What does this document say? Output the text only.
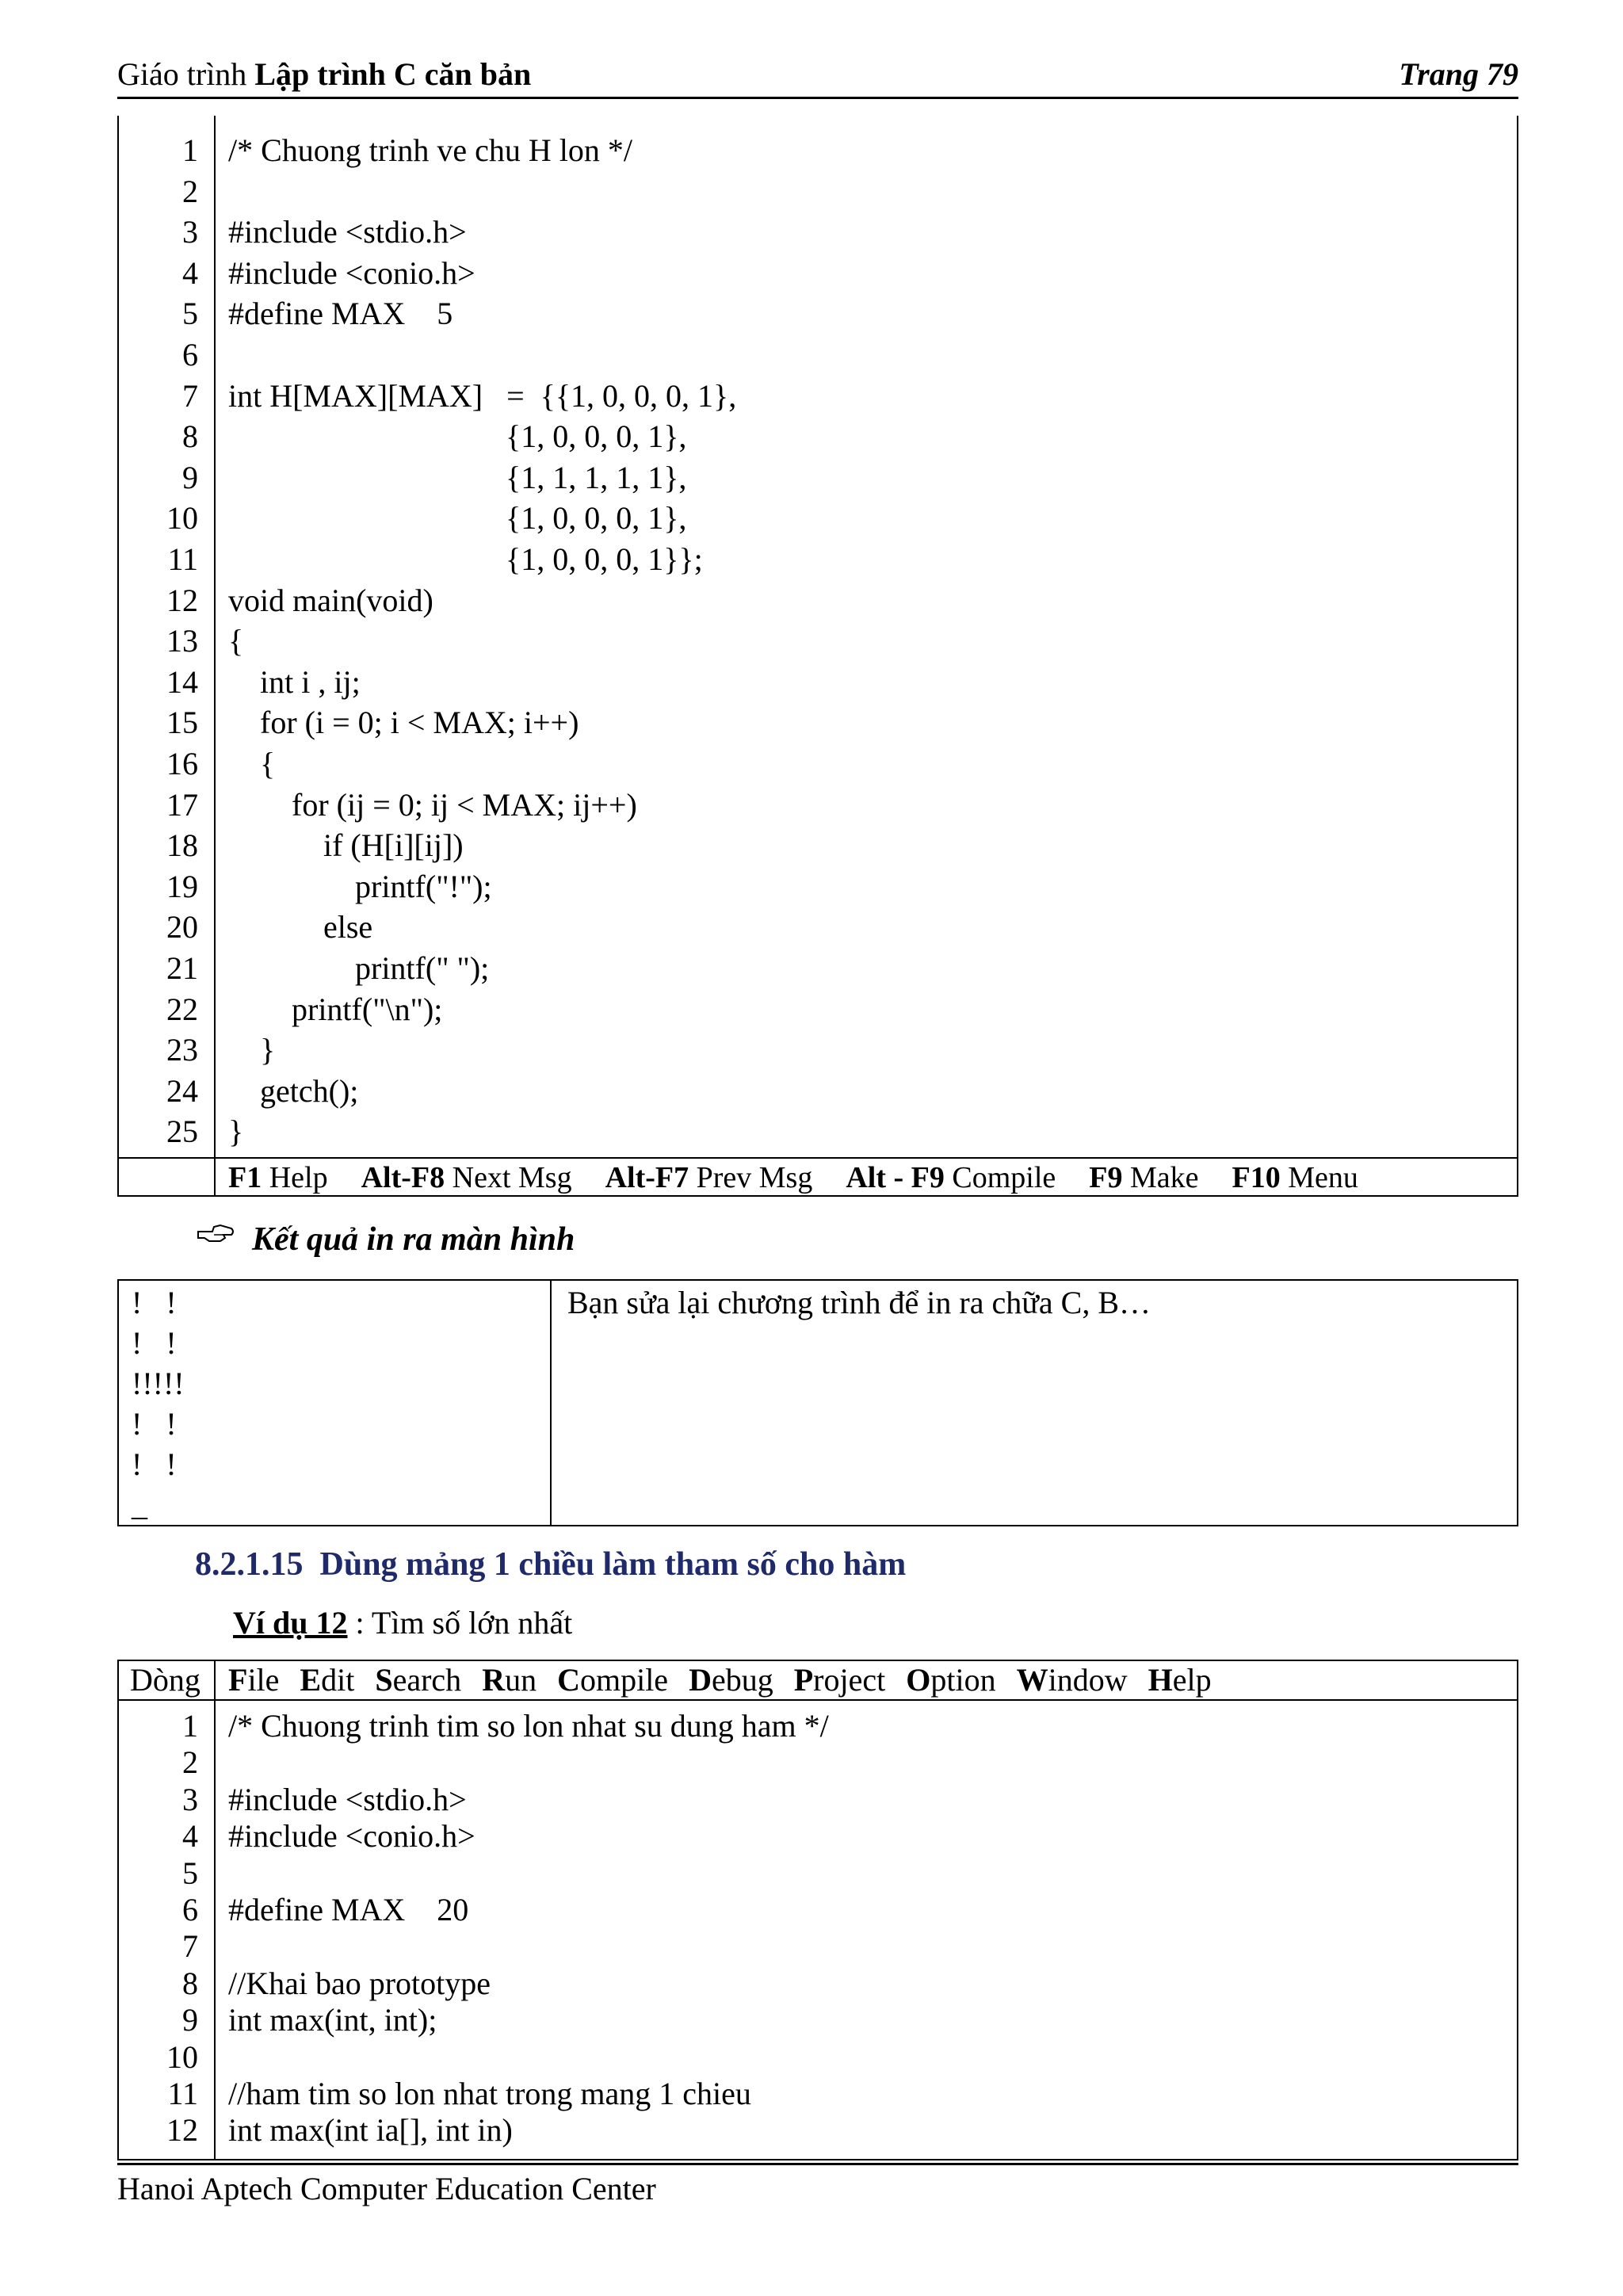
Giáo trình Lập trình C căn bản	Trang 79
1 /* Chuong trinh ve chu H lon */
2
3 #include <stdio.h>
4 #include <conio.h>
5 #define MAX    5
6
7 int H[MAX][MAX]   =  {{1, 0, 0, 0, 1},
8 {1, 0, 0, 0, 1},
9 {1, 1, 1, 1, 1},
10 {1, 0, 0, 0, 1},
11 {1, 0, 0, 0, 1}};
12 void main(void)
13 {
14 int i , ij;
15 for (i = 0; i < MAX; i++)
16 {
17 for (ij = 0; ij < MAX; ij++)
18 if (H[i][ij])
19 printf("!");
20 else
21 printf(" ");
22 printf("\n");
23 }
24 getch();
25 }
F1 Help Alt-F8 Next Msg Alt-F7 Prev Msg Alt - F9 Compile F9 Make F10 Menu
Kết quả in ra màn hình
!   !
!   !
!!!!!
!   !
!   !
_
Bạn sửa lại chương trình để in ra chữa C, B…
8.2.1.15 Dùng mảng 1 chiều làm tham số cho hàm
Ví dụ 12 : Tìm số lớn nhất
Dòng File Edit Search Run Compile Debug Project Option Window Help
1 /* Chuong trinh tim so lon nhat su dung ham */
2
3 #include <stdio.h>
4 #include <conio.h>
5
6 #define MAX    20
7
8 //Khai bao prototype
9 int max(int, int);
10
11 //ham tim so lon nhat trong mang 1 chieu
12 int max(int ia[], int in)
Hanoi Aptech Computer Education Center
